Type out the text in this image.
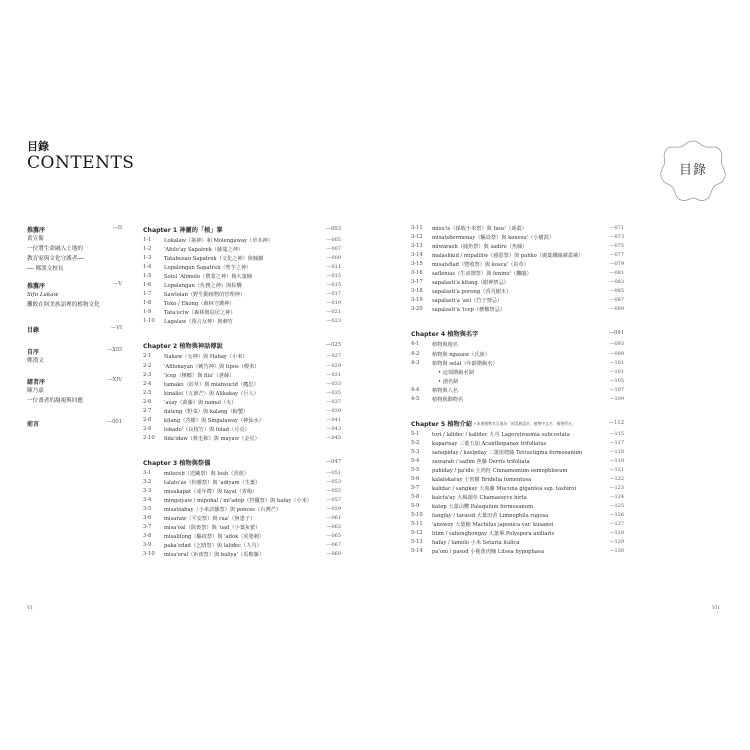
目錄
CONTENTS	目錄
推薦序	—II
黃宣衛
一位將生命融入土地的
教育家與文化守護者──
── 鄭漢文校長
推薦序	—V
Sifo Lakaw
攤餃在阿美族語裡的植物文化
目錄	—VI
自序	—XIII
鄭漢文
緒者序	—XIV
陳乃嘉
一位畫者的凝視與回應
前言	—001
Chapter 1 神靈的「植」掌	—003
1-1 Lokalaw（瓶神）和 Molengaway（草木神）	—005
1-2 'Afolo'ay Sapatrek（藤蔓之神）	—007
1-3 Tatabusan Sapatrek（文化之神）與楠樹	—009
1-4 Lopalongan Sapatrek（聖芋之神）	—011
1-5 Solol 'Alimolo（農業之神）與大葉楠	—015
1-6 Lopalangan（佐務之神）與棕櫚	—015
1-7 Sawlolan（野生動植物的管理神）	—017
1-8 Teko / Ekong（森林守護神）	—019
1-9 Tata'eciw（森林與島居之神）	—021
1-10 Lagalaw（預言女神）與刺竹	—023
Chapter 2 植物與神話傳說	—025
2-1 Nakaw（女神）與 Habay（小米）	—027
2-2 'Afilonayan（刺竹神）與 tipos（稷米）	—029
2-3 'icep（檳榔）與 fila'（荖藤）	—031
2-4 tamako（菸草）與 miabsucid（鷹思）	—033
2-5 kinalisi（五節芒）與 Alikakay（巨人）	—035
2-6 'asay（萬藤）與 namal（火）	—037
2-7 dateng（野菜）與 kalang（螃蟹）	—039
2-8 kilang（苕樹）與 Singalaway（神仙水）	—041
2-9 lobado'（長枝竹）與 folad（月亮）	—043
2-10 fida'idaw（軟毛柿）與 mayaw（金星）	—045
Chapter 3 植物與祭儀	—047
3-1 miloceb（送鋤祭）與 losh（香蕉）	—051
3-2 talato'as（柏靈祭）與 'adiyam（生薑）	—053
3-3 misakapat（成年禮）與 fayal（省梅）	—055
3-4 mingsiyaw / mipohal / mi'adop（狩獵祭）與 hafay（小米）	—057
3-5 misatsabay（小米試播祭）與 ponces（台灣芒）	—059
3-6 misaraw（平安祭）與 raa'（無患子）	—061
3-7 misa'oal（除喪祭）與 'oad（小葉灰藿）	—063
3-8 misalifong（驅疫祭）與 'adok（虎婆刺）	—065
3-9 paka'edad（乞晴祭）與 lalidec（九芎）	—067
3-10 misa'oral（祈雨祭）與 baliya'（馬鞍藤）	—069
3-11 misu'is（採收小米祭）與 tuos'（蒟蒻）	—071
3-12 misatsbermenay（驅鳥祭）與 kenesu'（小樹鼓）	—073
3-13 miwarash（捕魚祭）與 sadire（魚藤）	—075
3-14 malashkid / mipaliliw（感恩祭）與 pahko（廣葉鐵線蕨蓋蕨）	—077
3-15 misatsflad（豐收祭）與 kosca'（鳥草）	—079
3-16 saflenias（生命禦祭）與 fenino'（攤臨）	—081
3-17 sapalasti'a kilang（樹神禁忌）	—083
3-18 sapalasti'a porong（香芃樹木）	—085
3-19 sapalasti'a 'anl（竹子禁忌）	—087
3-20 sapalasti'a 'icep（檳榔禁忌）	—089
Chapter 4 植物與名字	—091
4-1 植物與地名	—093
4-2 植物與 ngasaw（氏族）	—099
4-3 植物與 selal（年齡階級名）	—101
• 這項階級名制	—101
• 創名制	—105
4-4 植物與人名	—107
4-5 植物與動物名	—109
Chapter 5 植物介紹 ＊本書植物名呈現為「阿美族語名．植物中文名．植物學名」	—112
5-1 tori / lalidec / kalidec 九芎 Lagerstroemia subcostata	—115
5-2 kaparisay 三葉五加 Acanthopanax trifoliatus	—117
5-3 sanapiday / kasipilay 三葉崖爬藤 Tetrastigma formosanum	—118
5-4 sawarah / sadim 魚藤 Derris trifoliata	—119
5-5 pahiday / pa'ido 土肉桂 Cinnamomum osmophloeum	—121
5-6 kalalokaray 土密樹 Bridelia tomentosa	—122
5-7 kalidac / sangkay 大血藤 Mucuna gigantea ssp. tashiroi	—123
5-8 kaicta'ay 大褐頭草 Chamaesyce hirta	—124
5-9 katep 大葉山欖 Palaquium formosanum	—125
5-10 fangfay / tarasid 大葉田香 Limnophila rugosa	—126
5-11 'anowoy 大葉楠 Machilus japonica var. kusanoi	—127
5-12 litim / sahonghongay 大葉畢 Polyspora axillaris	—128
5-13 hafay / lamolo 小米 Setaria italica	—129
5-14 pa'oni / pasod 小梗黃肉楠 Litsea hypophaea	—130
VI	VII
